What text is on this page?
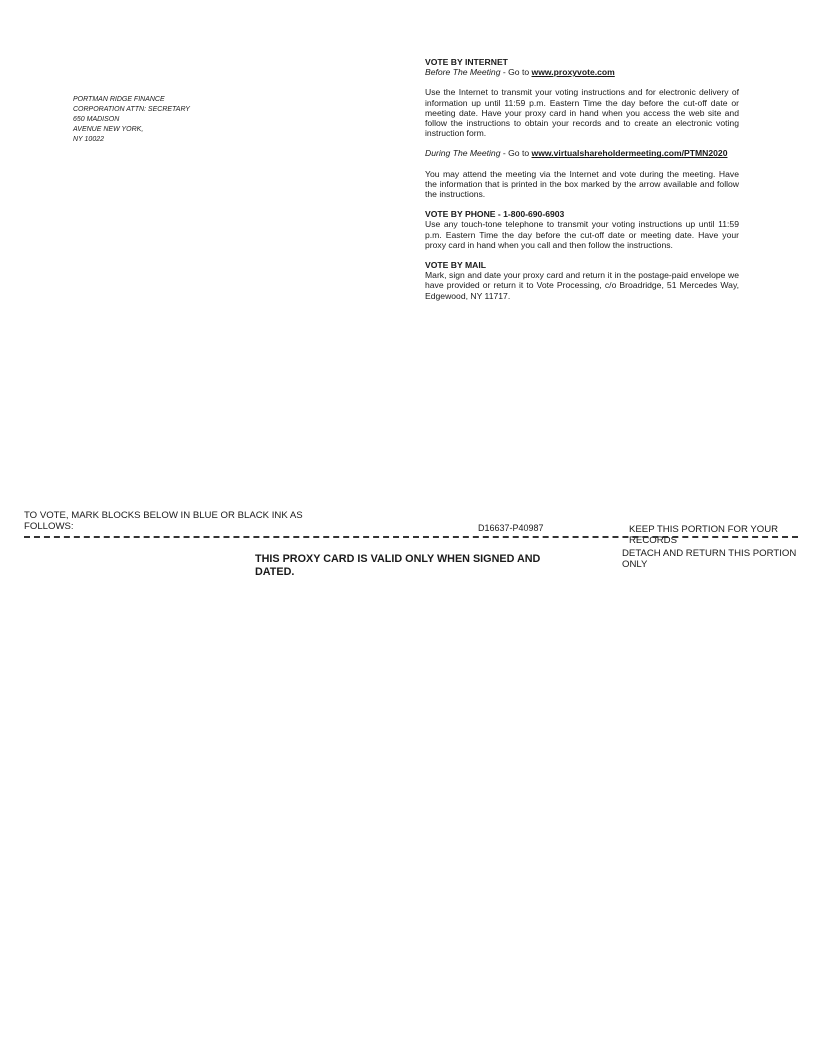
PORTMAN RIDGE FINANCE
CORPORATION ATTN: SECRETARY
650 MADISON
AVENUE NEW YORK,
NY 10022

VOTE BY INTERNET

Before The Meeting - Go to www.proxyvote.com

Use the Internet to transmit your voting instructions and for electronic delivery of information up until 11:59 p.m. Eastern Time the day before the cut-off date or meeting date. Have your proxy card in hand when you access the web site and follow the instructions to obtain your records and to create an electronic voting instruction form.

During The Meeting - Go to www.virtualshareholdermeeting.com/PTMN2020

You may attend the meeting via the Internet and vote during the meeting. Have the information that is printed in the box marked by the arrow available and follow the instructions.

VOTE BY PHONE - 1-800-690-6903

Use any touch-tone telephone to transmit your voting instructions up until 11:59 p.m. Eastern Time the day before the cut-off date or meeting date. Have your proxy card in hand when you call and then follow the instructions.

VOTE BY MAIL

Mark, sign and date your proxy card and return it in the postage-paid envelope we have provided or return it to Vote Processing, c/o Broadridge, 51 Mercedes Way, Edgewood, NY 11717.

TO VOTE, MARK BLOCKS BELOW IN BLUE OR BLACK INK AS FOLLOWS:	D16637-P40987	KEEP THIS PORTION FOR YOUR RECORDS
THIS PROXY CARD IS VALID ONLY WHEN SIGNED AND DATED.
DETACH AND RETURN THIS PORTION ONLY
